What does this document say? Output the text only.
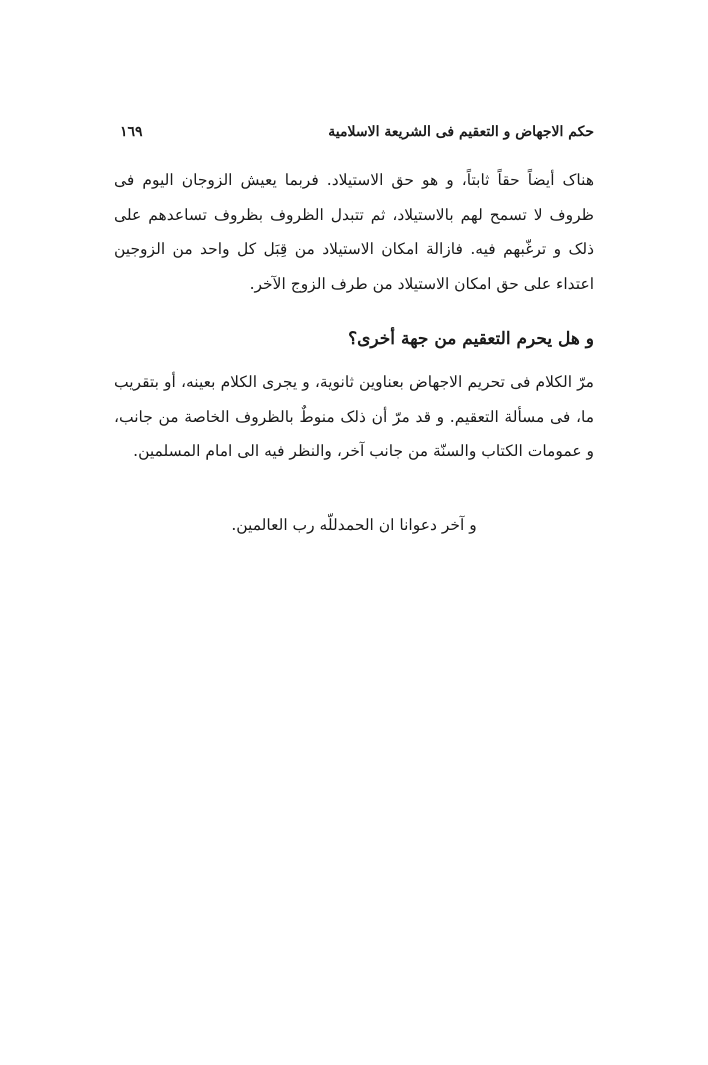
حكم الاجهاض و التعقيم فى الشريعة الاسلامية
١٦٩

هناک أيضاً حقاً ثابتاً، و هو حق الاستيلاد. فربما يعيش الزوجان اليوم فى ظروف لا تسمح لهم بالاستيلاد، ثم تتبدل الظروف بظروف تساعدهم على ذلک و ترغّبهم فيه. فازالة امكان الاستيلاد من قِبَل كل واحد من الزوجين اعتداء على حق امكان الاستيلاد من طرف الزوج الآخر.

و هل يحرم التعقيم من جهة أخرى؟

مرّ الكلام فى تحريم الاجهاض بعناوين ثانوية، و يجرى الكلام بعينه، أو بتقريب ما، فى مسألة التعقيم. و قد مرّ أن ذلک منوطٌ بالظروف الخاصة من جانب، و عمومات الكتاب والسنّة من جانب آخر، والنظر فيه الى امام المسلمين.

و آخر دعوانا ان الحمدللّه رب العالمين.
